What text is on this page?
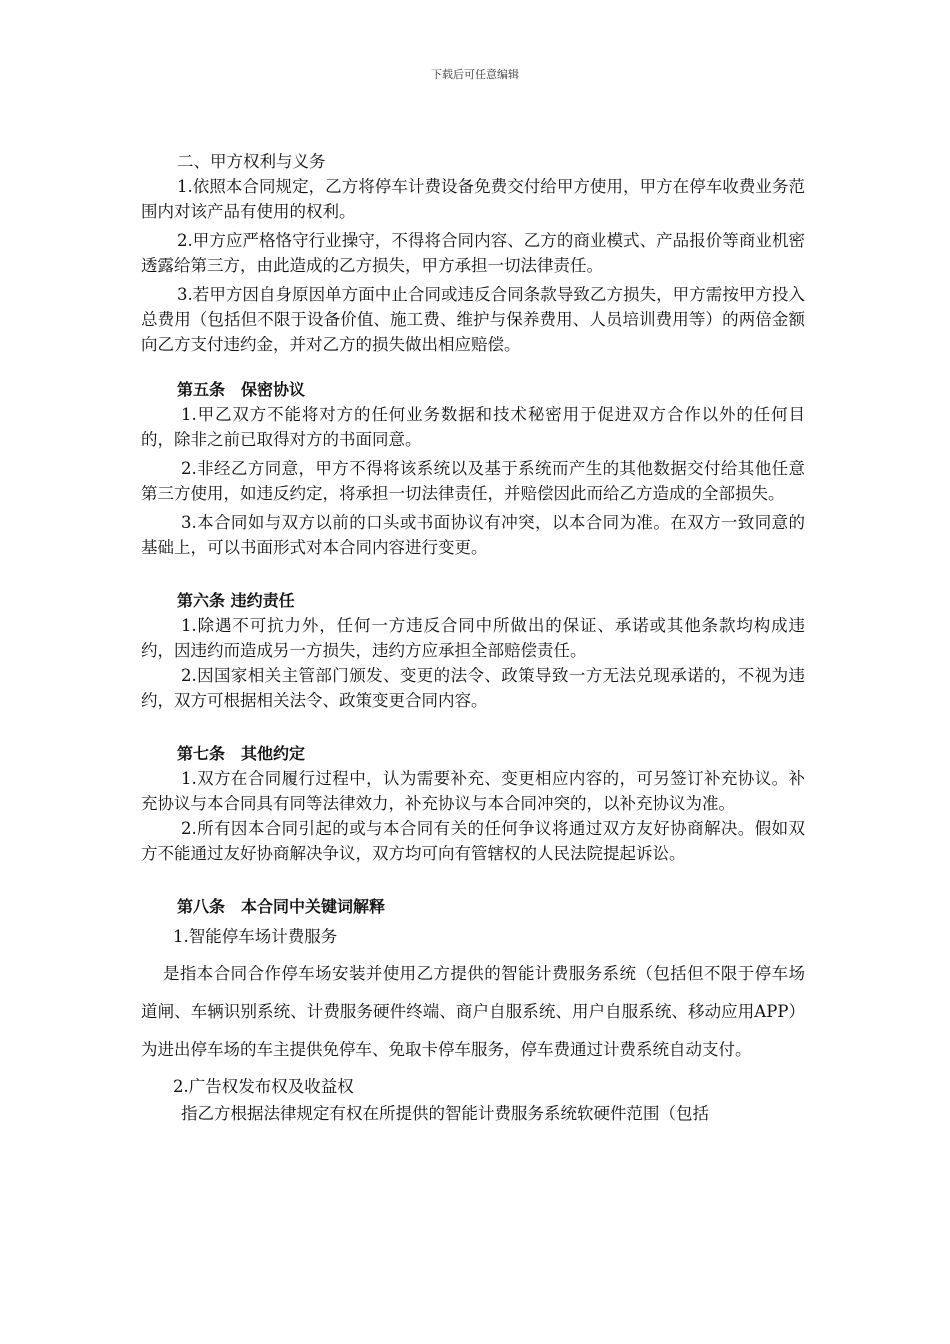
下载后可任意编辑

二、甲方权利与义务

1.依照本合同规定，乙方将停车计费设备免费交付给甲方使用，甲方在停车收费业务范围内对该产品有使用的权利。

2.甲方应严格恪守行业操守，不得将合同内容、乙方的商业模式、产品报价等商业机密透露给第三方，由此造成的乙方损失，甲方承担一切法律责任。

3.若甲方因自身原因单方面中止合同或违反合同条款导致乙方损失，甲方需按甲方投入总费用（包括但不限于设备价值、施工费、维护与保养费用、人员培训费用等）的两倍金额向乙方支付违约金，并对乙方的损失做出相应赔偿。

第五条　保密协议

1.甲乙双方不能将对方的任何业务数据和技术秘密用于促进双方合作以外的任何目的，除非之前已取得对方的书面同意。

2.非经乙方同意，甲方不得将该系统以及基于系统而产生的其他数据交付给其他任意第三方使用，如违反约定，将承担一切法律责任，并赔偿因此而给乙方造成的全部损失。

3.本合同如与双方以前的口头或书面协议有冲突，以本合同为准。在双方一致同意的基础上，可以书面形式对本合同内容进行变更。

第六条 违约责任

1.除遇不可抗力外，任何一方违反合同中所做出的保证、承诺或其他条款均构成违约，因违约而造成另一方损失，违约方应承担全部赔偿责任。

2.因国家相关主管部门颁发、变更的法令、政策导致一方无法兑现承诺的，不视为违约，双方可根据相关法令、政策变更合同内容。

第七条　其他约定

1.双方在合同履行过程中，认为需要补充、变更相应内容的，可另签订补充协议。补充协议与本合同具有同等法律效力，补充协议与本合同冲突的，以补充协议为准。

2.所有因本合同引起的或与本合同有关的任何争议将通过双方友好协商解决。假如双方不能通过友好协商解决争议，双方均可向有管辖权的人民法院提起诉讼。

第八条　本合同中关键词解释

1.智能停车场计费服务

是指本合同合作停车场安装并使用乙方提供的智能计费服务系统（包括但不限于停车场道闸、车辆识别系统、计费服务硬件终端、商户自服系统、用户自服系统、移动应用APP）为进出停车场的车主提供免停车、免取卡停车服务，停车费通过计费系统自动支付。

2.广告权发布权及收益权

指乙方根据法律规定有权在所提供的智能计费服务系统软硬件范围（包括
